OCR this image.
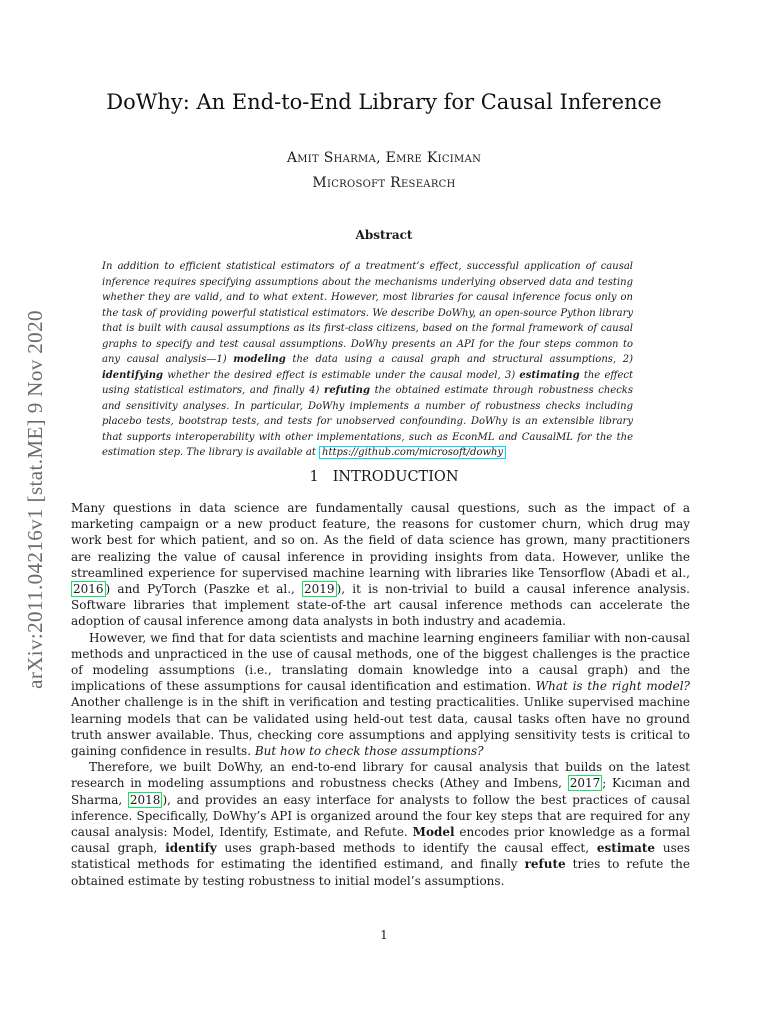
arXiv:2011.04216v1 [stat.ME] 9 Nov 2020
DoWhy: An End-to-End Library for Causal Inference
Amit Sharma, Emre Kiciman
Microsoft Research
Abstract
In addition to efficient statistical estimators of a treatment’s effect, successful application of causal inference requires specifying assumptions about the mechanisms underlying observed data and testing whether they are valid, and to what extent. However, most libraries for causal inference focus only on the task of providing powerful statistical estimators. We describe DoWhy, an open-source Python library that is built with causal assumptions as its first-class citizens, based on the formal framework of causal graphs to specify and test causal assumptions. DoWhy presents an API for the four steps common to any causal analysis—1) modeling the data using a causal graph and structural assumptions, 2) identifying whether the desired effect is estimable under the causal model, 3) estimating the effect using statistical estimators, and finally 4) refuting the obtained estimate through robustness checks and sensitivity analyses. In particular, DoWhy implements a number of robustness checks including placebo tests, bootstrap tests, and tests for unobserved confounding. DoWhy is an extensible library that supports interoperability with other implementations, such as EconML and CausalML for the the estimation step. The library is available at https://github.com/microsoft/dowhy
1 INTRODUCTION

Many questions in data science are fundamentally causal questions, such as the impact of a marketing campaign or a new product feature, the reasons for customer churn, which drug may work best for which patient, and so on. As the field of data science has grown, many practitioners are realizing the value of causal inference in providing insights from data. However, unlike the streamlined experience for supervised machine learning with libraries like Tensorflow (Abadi et al., 2016 ) and PyTorch (Paszke et al., 2019 ), it is non-trivial to build a causal inference analysis. Software libraries that implement state-of-the art causal inference methods can accelerate the adoption of causal inference among data analysts in both industry and academia.

However, we find that for data scientists and machine learning engineers familiar with non-causal methods and unpracticed in the use of causal methods, one of the biggest challenges is the practice of modeling assumptions (i.e., translating domain knowledge into a causal graph) and the implications of these assumptions for causal identification and estimation. What is the right model? Another challenge is in the shift in verification and testing practicalities. Unlike supervised machine learning models that can be validated using held-out test data, causal tasks often have no ground truth answer available. Thus, checking core assumptions and applying sensitivity tests is critical to gaining confidence in results. But how to check those assumptions?

Therefore, we built DoWhy, an end-to-end library for causal analysis that builds on the latest research in modeling assumptions and robustness checks (Athey and Imbens, 2017 ; Kıcıman and Sharma, 2018 ), and provides an easy interface for analysts to follow the best practices of causal inference. Specifically, DoWhy’s API is organized around the four key steps that are required for any causal analysis: Model, Identify, Estimate, and Refute. Model encodes prior knowledge as a formal causal graph, identify uses graph-based methods to identify the causal effect, estimate uses statistical methods for estimating the identified estimand, and finally refute tries to refute the obtained estimate by testing robustness to initial model’s assumptions.

1
